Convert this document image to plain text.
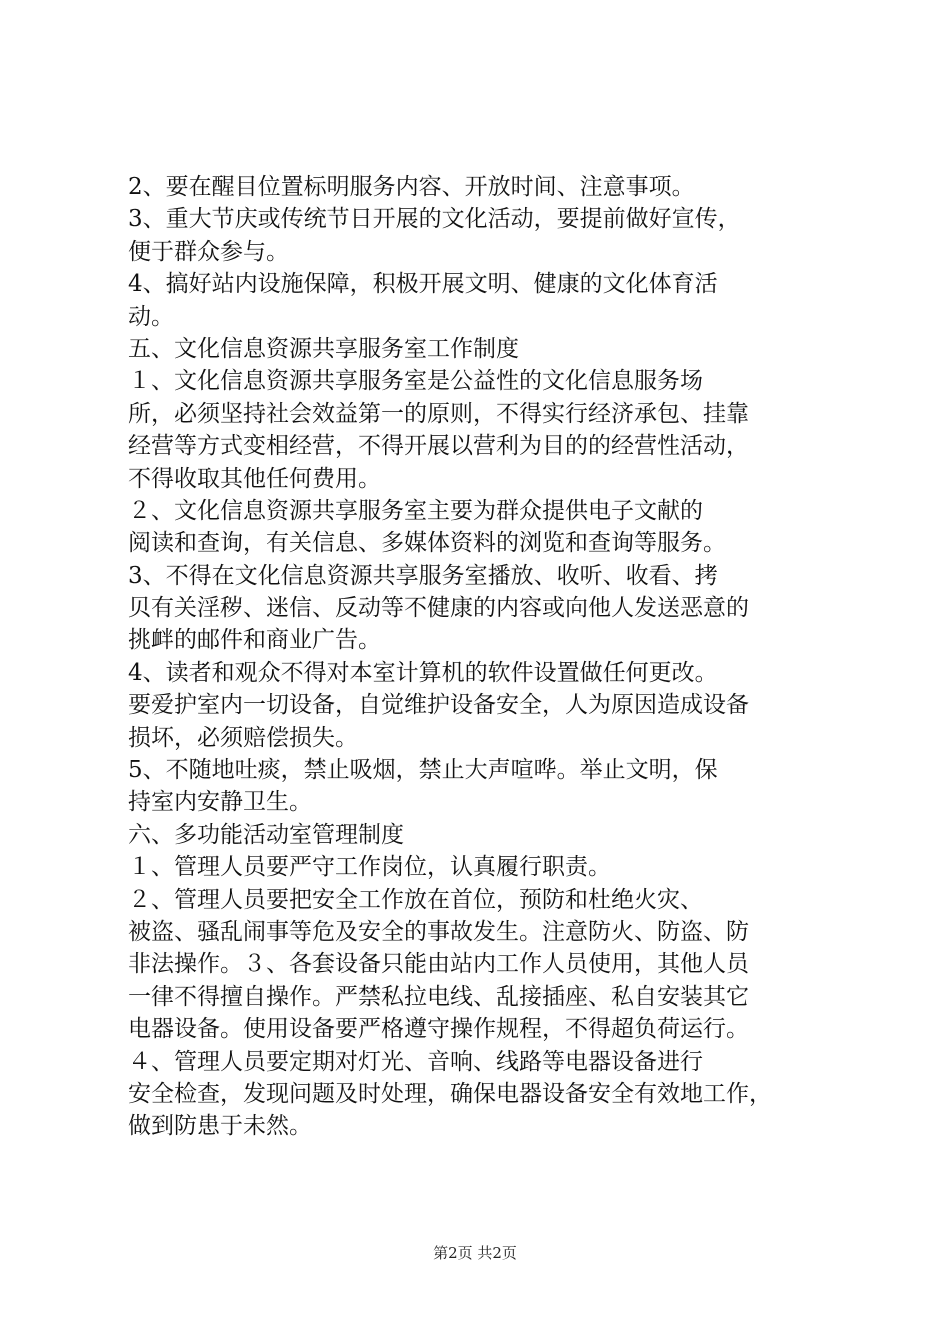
2、要在醒目位置标明服务内容、开放时间、注意事项。
3、重大节庆或传统节日开展的文化活动，要提前做好宣传，
便于群众参与。
4、搞好站内设施保障，积极开展文明、健康的文化体育活
动。
五、文化信息资源共享服务室工作制度
１、文化信息资源共享服务室是公益性的文化信息服务场
所，必须坚持社会效益第一的原则，不得实行经济承包、挂靠
经营等方式变相经营，不得开展以营利为目的的经营性活动，
不得收取其他任何费用。
２、文化信息资源共享服务室主要为群众提供电子文献的
阅读和查询，有关信息、多媒体资料的浏览和查询等服务。
3、不得在文化信息资源共享服务室播放、收听、收看、拷
贝有关淫秽、迷信、反动等不健康的内容或向他人发送恶意的
挑衅的邮件和商业广告。
4、读者和观众不得对本室计算机的软件设置做任何更改。
要爱护室内一切设备，自觉维护设备安全，人为原因造成设备
损坏，必须赔偿损失。
5、不随地吐痰，禁止吸烟，禁止大声喧哗。举止文明，保
持室内安静卫生。
六、多功能活动室管理制度
１、管理人员要严守工作岗位，认真履行职责。
２、管理人员要把安全工作放在首位，预防和杜绝火灾、
被盗、骚乱闹事等危及安全的事故发生。注意防火、防盗、防
非法操作。３、各套设备只能由站内工作人员使用，其他人员
一律不得擅自操作。严禁私拉电线、乱接插座、私自安装其它
电器设备。使用设备要严格遵守操作规程，不得超负荷运行。
４、管理人员要定期对灯光、音响、线路等电器设备进行
安全检查，发现问题及时处理，确保电器设备安全有效地工作，
做到防患于未然。
第2页 共2页
